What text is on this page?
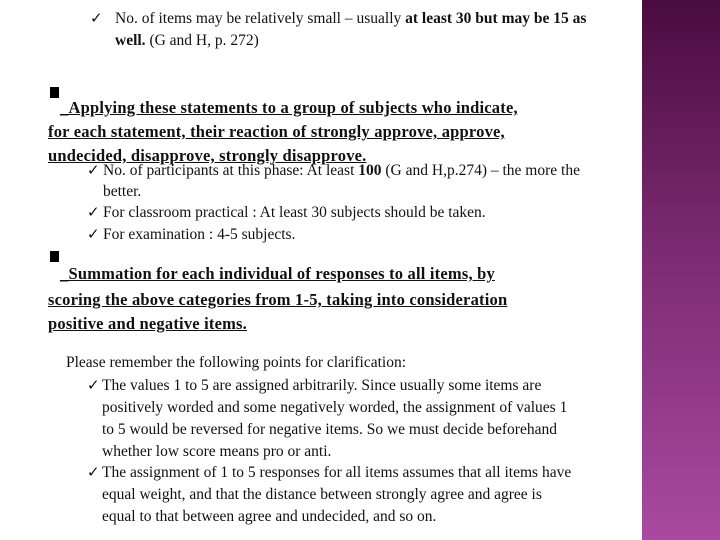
✓ No. of items may be relatively small – usually at least 30 but may be 15 as
well. (G and H, p. 272)
_Applying these statements to a group of subjects who indicate,
for each statement, their reaction of strongly approve, approve,
undecided, disapprove, strongly disapprove.
✓ No. of participants at this phase: At least 100 (G and H,p.274) – the more the
better.
✓ For classroom practical : At least 30 subjects should be taken.
✓ For examination : 4-5 subjects.
_Summation for each individual of responses to all items, by
scoring the above categories from 1-5, taking into consideration
positive and negative items.
Please remember the following points for clarification:
✓ The values 1 to 5 are assigned arbitrarily. Since usually some items are
positively worded and some negatively worded, the assignment of values 1
to 5 would be reversed for negative items. So we must decide beforehand
whether low score means pro or anti.
✓ The assignment of 1 to 5 responses for all items assumes that all items have
equal weight, and that the distance between strongly agree and agree is
equal to that between agree and undecided, and so on.
